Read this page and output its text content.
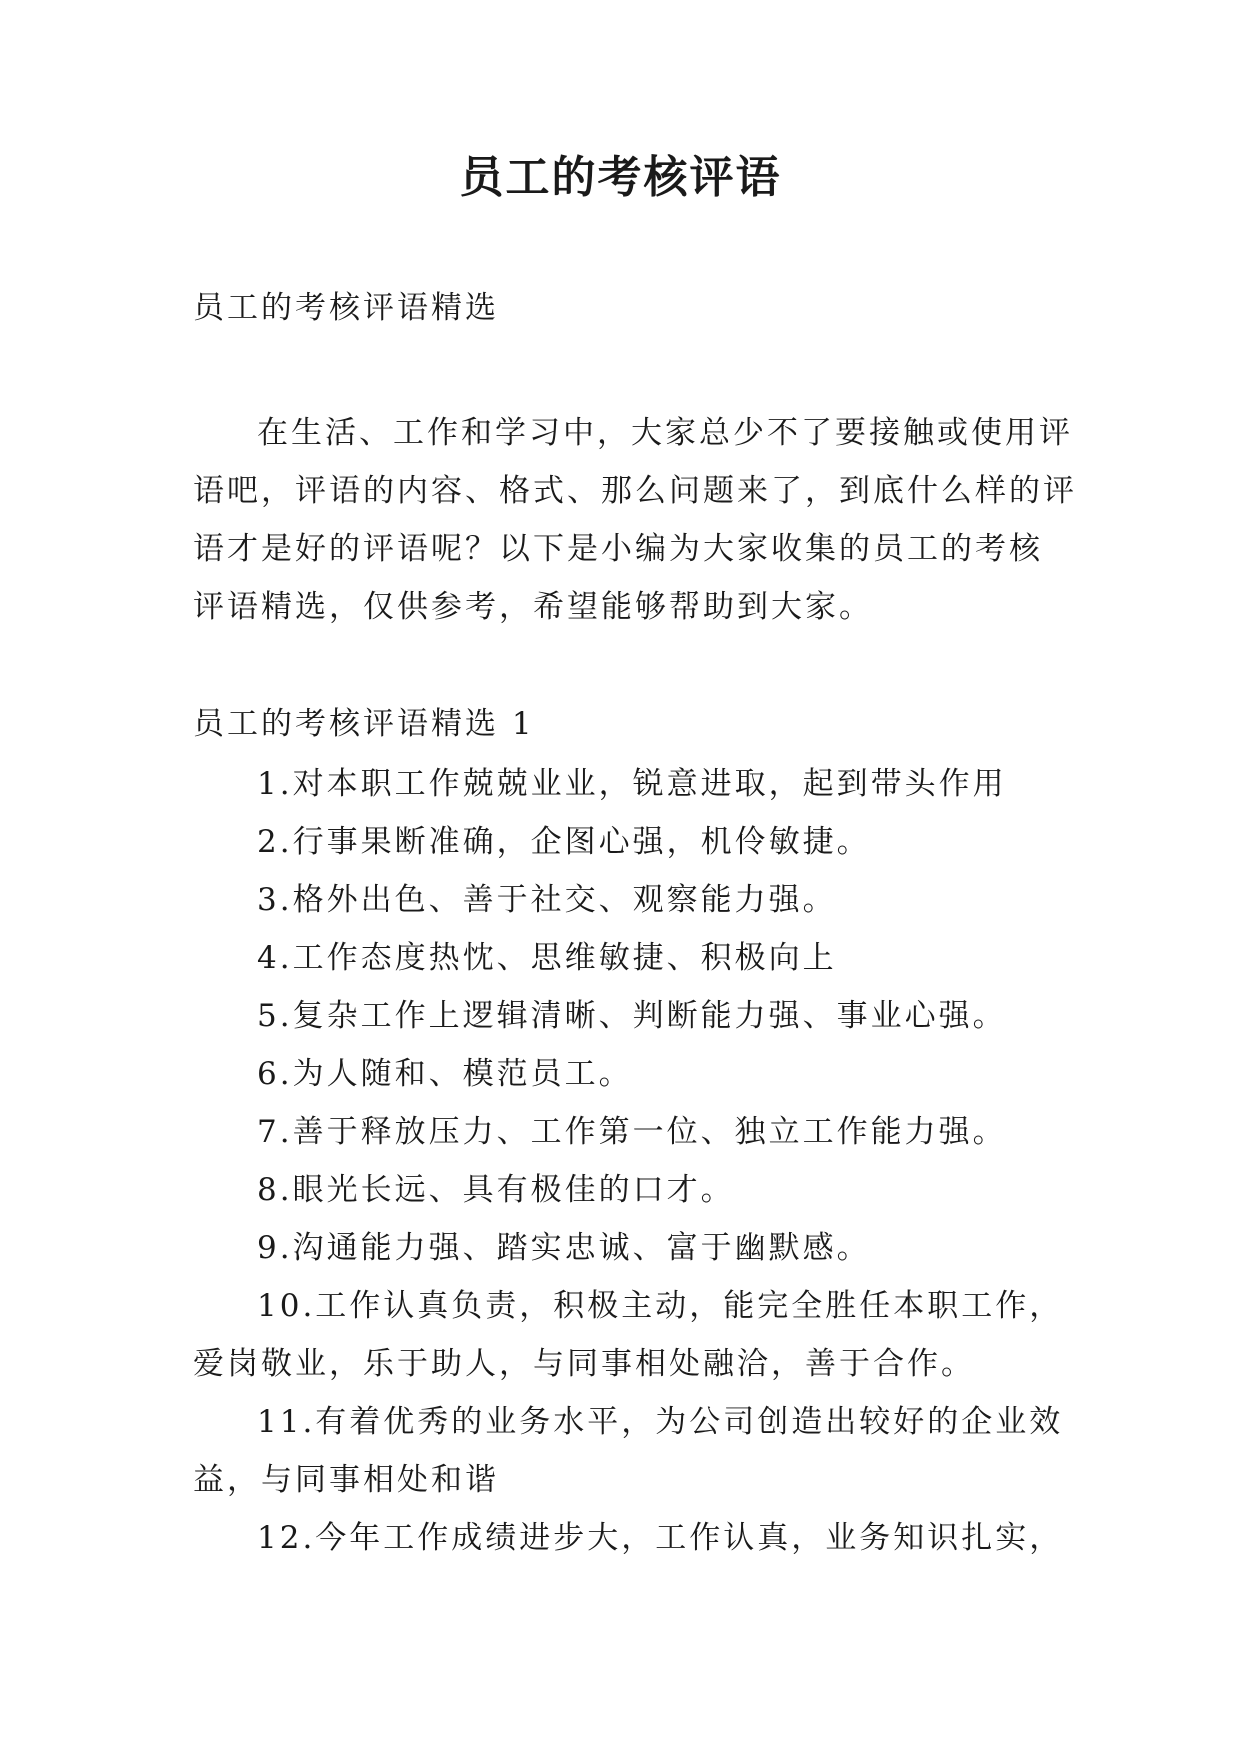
员工的考核评语

员工的考核评语精选

在生活、工作和学习中，大家总少不了要接触或使用评

语吧，评语的内容、格式、那么问题来了，到底什么样的评

语才是好的评语呢？以下是小编为大家收集的员工的考核

评语精选，仅供参考，希望能够帮助到大家。

员工的考核评语精选 1

1.对本职工作兢兢业业，锐意进取，起到带头作用

2.行事果断准确，企图心强，机伶敏捷。

3.格外出色、善于社交、观察能力强。

4.工作态度热忱、思维敏捷、积极向上

5.复杂工作上逻辑清晰、判断能力强、事业心强。

6.为人随和、模范员工。

7.善于释放压力、工作第一位、独立工作能力强。

8.眼光长远、具有极佳的口才。

9.沟通能力强、踏实忠诚、富于幽默感。

10.工作认真负责，积极主动，能完全胜任本职工作，

爱岗敬业，乐于助人，与同事相处融洽，善于合作。

11.有着优秀的业务水平，为公司创造出较好的企业效

益，与同事相处和谐

12.今年工作成绩进步大，工作认真，业务知识扎实，
